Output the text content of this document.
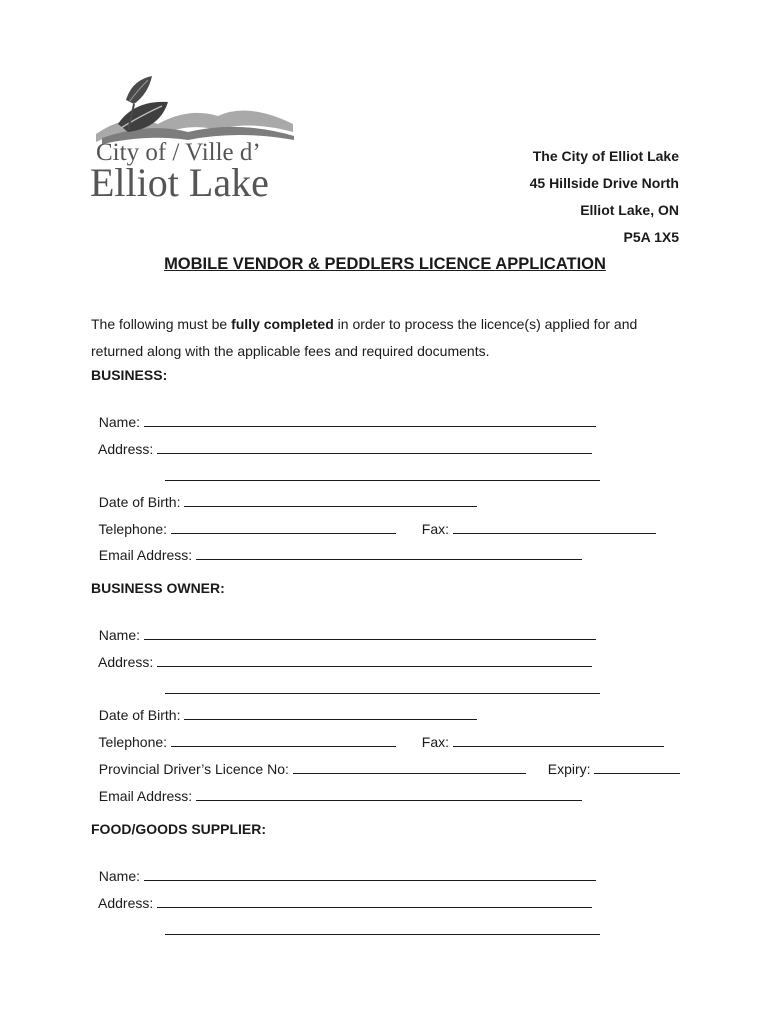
City of / Ville d’
Elliot Lake
The City of Elliot Lake
45 Hillside Drive North
Elliot Lake, ON
P5A 1X5
MOBILE VENDOR & PEDDLERS LICENCE APPLICATION
The following must be fully completed in order to process the licence(s) applied for and returned along with the applicable fees and required documents.
BUSINESS:

Name:

Address:

Date of Birth:

Telephone:	Fax:

Email Address:

BUSINESS OWNER:

Name:

Address:

Date of Birth:

Telephone:	Fax:

Provincial Driver’s Licence No:	Expiry:

Email Address:

FOOD/GOODS SUPPLIER:

Name:

Address:
